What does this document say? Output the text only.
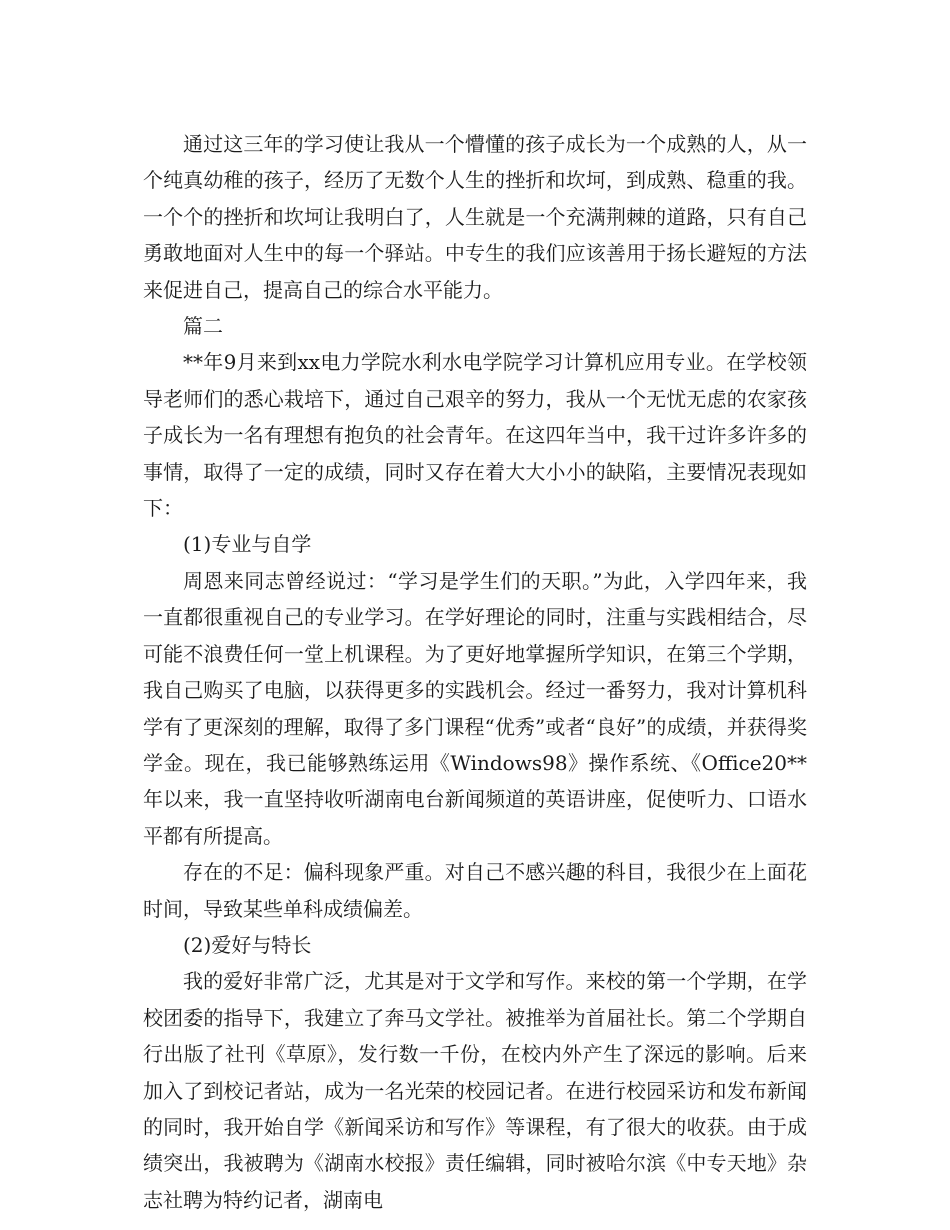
通过这三年的学习使让我从一个懵懂的孩子成长为一个成熟的人，从一个纯真幼稚的孩子，经历了无数个人生的挫折和坎坷，到成熟、稳重的我。一个个的挫折和坎坷让我明白了，人生就是一个充满荆棘的道路，只有自己勇敢地面对人生中的每一个驿站。中专生的我们应该善用于扬长避短的方法来促进自己，提高自己的综合水平能力。

篇二

**年9月来到xx电力学院水利水电学院学习计算机应用专业。在学校领导老师们的悉心栽培下，通过自己艰辛的努力，我从一个无忧无虑的农家孩子成长为一名有理想有抱负的社会青年。在这四年当中，我干过许多许多的事情，取得了一定的成绩，同时又存在着大大小小的缺陷，主要情况表现如下：

(1)专业与自学

周恩来同志曾经说过：“学习是学生们的天职。”为此，入学四年来，我一直都很重视自己的专业学习。在学好理论的同时，注重与实践相结合，尽可能不浪费任何一堂上机课程。为了更好地掌握所学知识，在第三个学期，我自己购买了电脑，以获得更多的实践机会。经过一番努力，我对计算机科学有了更深刻的理解，取得了多门课程“优秀”或者“良好”的成绩，并获得奖学金。现在，我已能够熟练运用《Windows98》操作系统、《Office20**年以来，我一直坚持收听湖南电台新闻频道的英语讲座，促使听力、口语水平都有所提高。

存在的不足：偏科现象严重。对自己不感兴趣的科目，我很少在上面花时间，导致某些单科成绩偏差。

(2)爱好与特长

我的爱好非常广泛，尤其是对于文学和写作。来校的第一个学期，在学校团委的指导下，我建立了奔马文学社。被推举为首届社长。第二个学期自行出版了社刊《草原》，发行数一千份，在校内外产生了深远的影响。后来加入了到校记者站，成为一名光荣的校园记者。在进行校园采访和发布新闻的同时，我开始自学《新闻采访和写作》等课程，有了很大的收获。由于成绩突出，我被聘为《湖南水校报》责任编辑，同时被哈尔滨《中专天地》杂志社聘为特约记者，湖南电
